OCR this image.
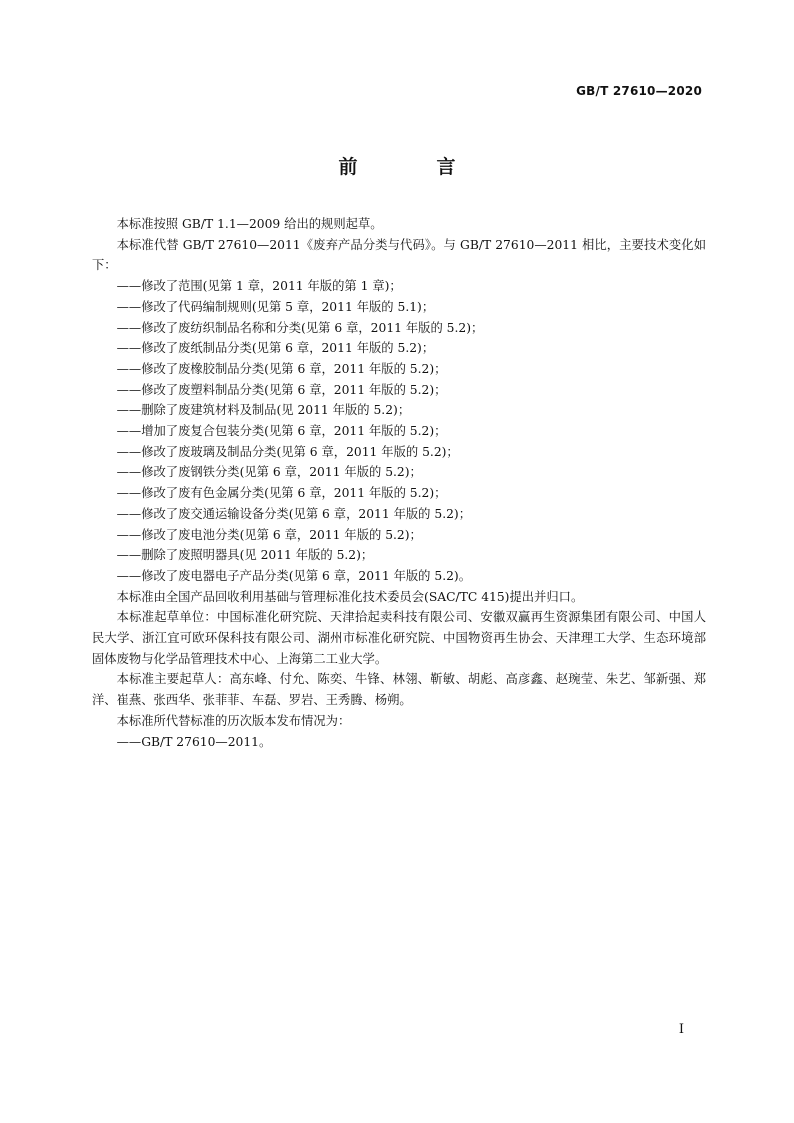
GB/T 27610—2020
前　言

本标准按照 GB/T 1.1—2009 给出的规则起草。

本标准代替 GB/T 27610—2011《废弃产品分类与代码》。与 GB/T 27610—2011 相比，主要技术变化如下：

——修改了范围(见第 1 章，2011 年版的第 1 章)；
——修改了代码编制规则(见第 5 章，2011 年版的 5.1)；
——修改了废纺织制品名称和分类(见第 6 章，2011 年版的 5.2)；
——修改了废纸制品分类(见第 6 章，2011 年版的 5.2)；
——修改了废橡胶制品分类(见第 6 章，2011 年版的 5.2)；
——修改了废塑料制品分类(见第 6 章，2011 年版的 5.2)；
——删除了废建筑材料及制品(见 2011 年版的 5.2)；
——增加了废复合包装分类(见第 6 章，2011 年版的 5.2)；
——修改了废玻璃及制品分类(见第 6 章，2011 年版的 5.2)；
——修改了废钢铁分类(见第 6 章，2011 年版的 5.2)；
——修改了废有色金属分类(见第 6 章，2011 年版的 5.2)；
——修改了废交通运输设备分类(见第 6 章，2011 年版的 5.2)；
——修改了废电池分类(见第 6 章，2011 年版的 5.2)；
——删除了废照明器具(见 2011 年版的 5.2)；
——修改了废电器电子产品分类(见第 6 章，2011 年版的 5.2)。

本标准由全国产品回收利用基础与管理标准化技术委员会(SAC/TC 415)提出并归口。

本标准起草单位：中国标准化研究院、天津拾起卖科技有限公司、安徽双赢再生资源集团有限公司、中国人民大学、浙江宜可欧环保科技有限公司、湖州市标准化研究院、中国物资再生协会、天津理工大学、生态环境部固体废物与化学品管理技术中心、上海第二工业大学。

本标准主要起草人：高东峰、付允、陈奕、牛锋、林翎、靳敏、胡彪、高彦鑫、赵琬莹、朱艺、邹新强、郑洋、崔燕、张西华、张菲菲、车磊、罗岩、王秀腾、杨朔。

本标准所代替标准的历次版本发布情况为：

——GB/T 27610—2011。
I
